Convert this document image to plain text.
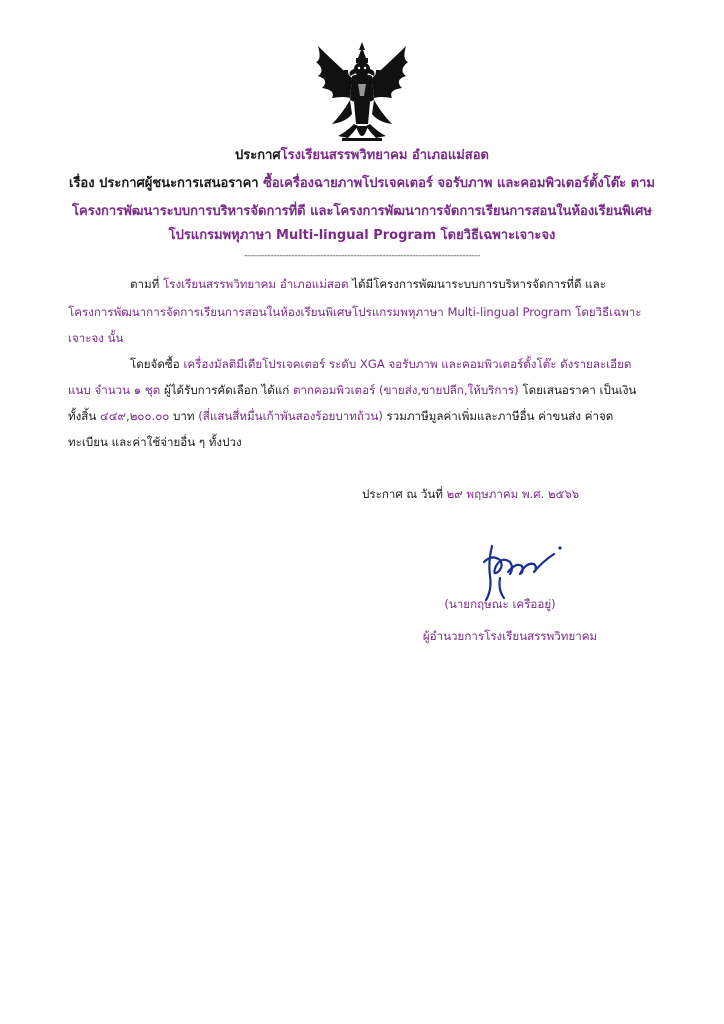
ประกาศโรงเรียนสรรพวิทยาคม อำเภอแม่สอด
เรื่อง ประกาศผู้ชนะการเสนอราคา ซื้อเครื่องฉายภาพโปรเจคเตอร์ จอรับภาพ และคอมพิวเตอร์ตั้งโต๊ะ ตาม
โครงการพัฒนาระบบการบริหารจัดการที่ดี และโครงการพัฒนาการจัดการเรียนการสอนในห้องเรียนพิเศษ
โปรแกรมพหุภาษา Multi-lingual Program โดยวิธีเฉพาะเจาะจง
--------------------------------------------------------------------------------
ตามที่ โรงเรียนสรรพวิทยาคม อำเภอแม่สอด ได้มีโครงการพัฒนาระบบการบริหารจัดการที่ดี และ
โครงการพัฒนาการจัดการเรียนการสอนในห้องเรียนพิเศษโปรแกรมพหุภาษา Multi-lingual Program โดยวิธีเฉพาะ
เจาะจง นั้น
โดยจัดซื้อ เครื่องมัลติมีเดียโปรเจคเตอร์ ระดับ XGA จอรับภาพ และคอมพิวเตอร์ตั้งโต๊ะ ดังรายละเอียด
แนบ จำนวน ๑ ชุด ผู้ได้รับการคัดเลือก ได้แก่ ตากคอมพิวเตอร์ (ขายส่ง,ขายปลีก,ให้บริการ) โดยเสนอราคา เป็นเงิน
ทั้งสิ้น ๔๔๙,๒๐๐.๐๐ บาท (สี่แสนสี่หมื่นเก้าพันสองร้อยบาทถ้วน) รวมภาษีมูลค่าเพิ่มและภาษีอื่น ค่าขนส่ง ค่าจด
ทะเบียน และค่าใช้จ่ายอื่น ๆ ทั้งปวง
ประกาศ ณ วันที่ ๒๙ พฤษภาคม พ.ศ. ๒๕๖๖
(นายกฤษณะ เครืออยู่)
ผู้อำนวยการโรงเรียนสรรพวิทยาคม
